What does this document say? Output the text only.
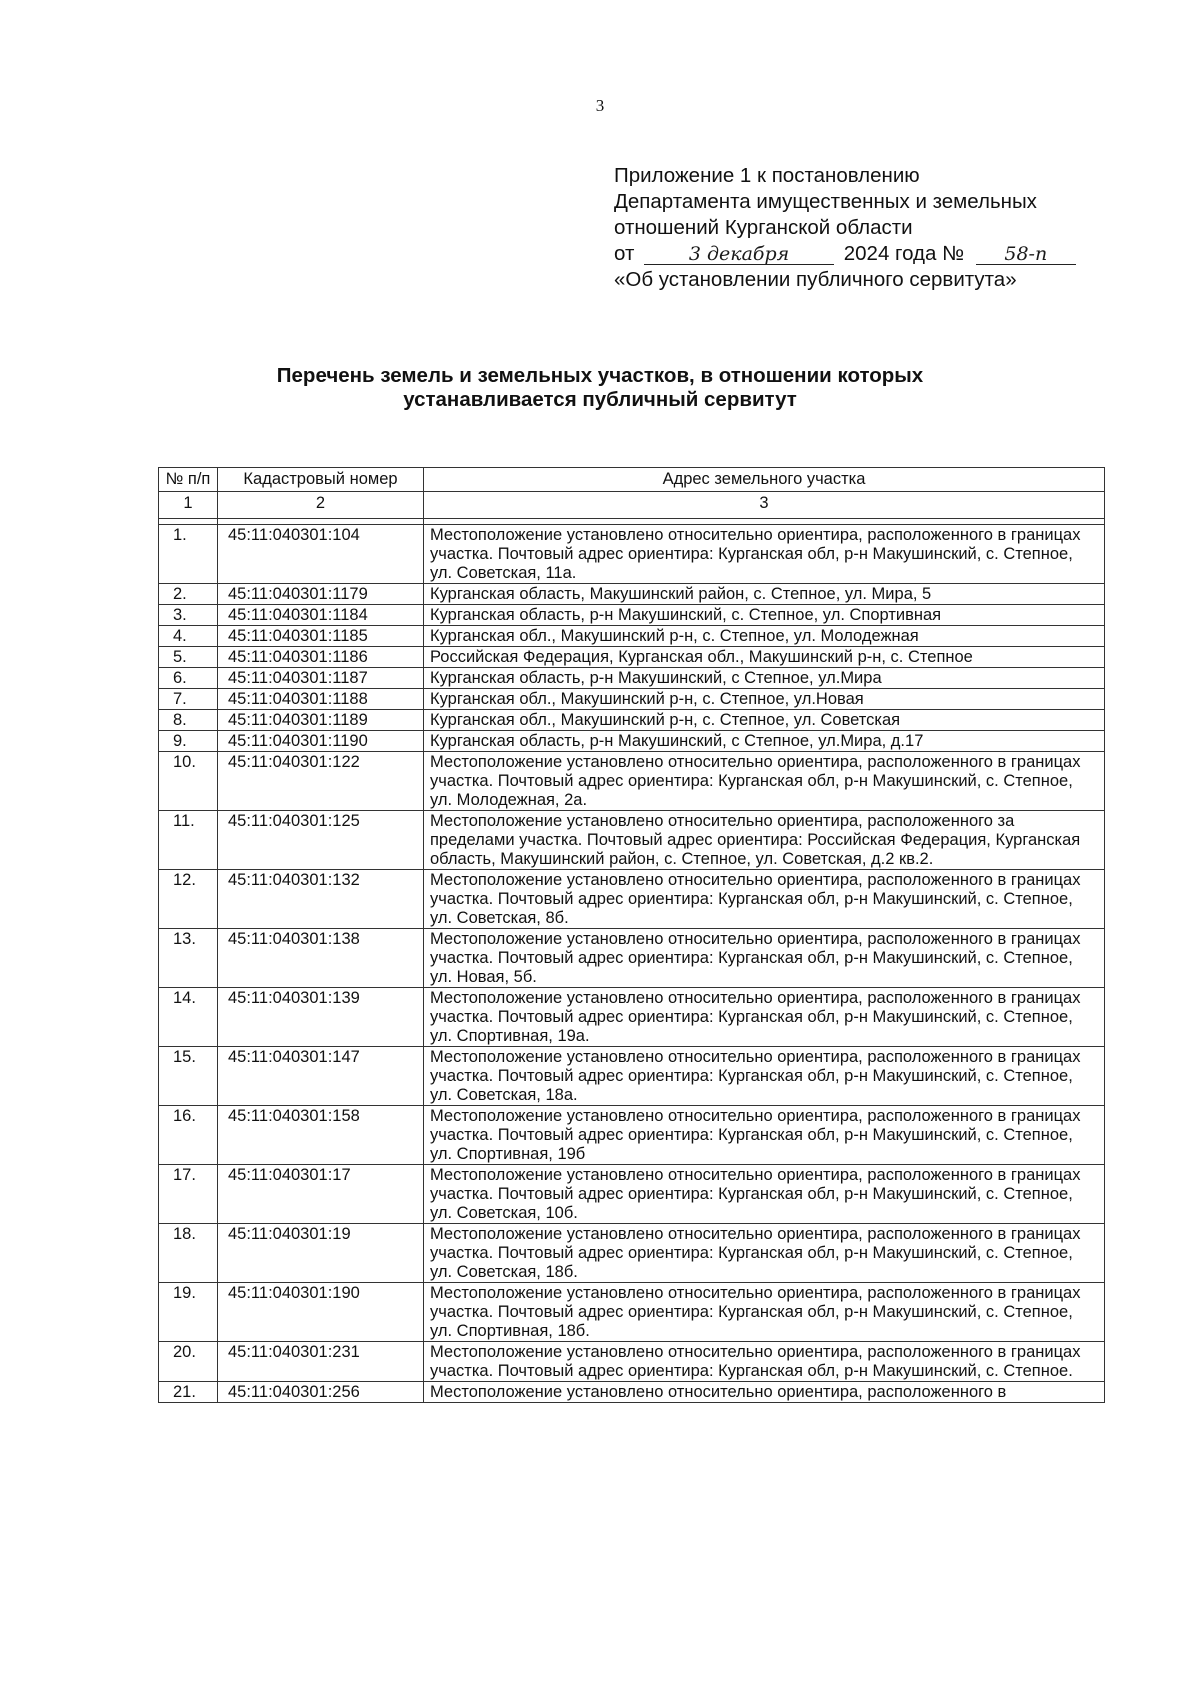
3
Приложение 1 к постановлению
Департамента имущественных и земельных
отношений Курганской области
от	3 декабря	2024 года № 58-п
«Об установлении публичного сервитута»
Перечень земель и земельных участков, в отношении которых
устанавливается публичный сервитут
№ п/п	Кадастровый номер	Адрес земельного участка
1	2	3

1.	45:11:040301:104	Местоположение установлено относительно ориентира, расположенного в границах участка. Почтовый адрес ориентира: Курганская обл, р-н Макушинский, с. Степное, ул. Советская, 11а.
2.	45:11:040301:1179	Курганская область, Макушинский район, с. Степное, ул. Мира, 5
3.	45:11:040301:1184	Курганская область, р-н Макушинский, с. Степное, ул. Спортивная
4.	45:11:040301:1185	Курганская обл., Макушинский р-н, с. Степное, ул. Молодежная
5.	45:11:040301:1186	Российская Федерация, Курганская обл., Макушинский р-н, с. Степное
6.	45:11:040301:1187	Курганская область, р-н Макушинский, с Степное, ул.Мира
7.	45:11:040301:1188	Курганская обл., Макушинский р-н, с. Степное, ул.Новая
8.	45:11:040301:1189	Курганская обл., Макушинский р-н, с. Степное, ул. Советская
9.	45:11:040301:1190	Курганская область, р-н Макушинский, с Степное, ул.Мира, д.17
10.	45:11:040301:122	Местоположение установлено относительно ориентира, расположенного в границах участка. Почтовый адрес ориентира: Курганская обл, р-н Макушинский, с. Степное, ул. Молодежная, 2а.
11.	45:11:040301:125	Местоположение установлено относительно ориентира, расположенного за пределами участка. Почтовый адрес ориентира: Российская Федерация, Курганская область, Макушинский район, с. Степное, ул. Советская, д.2 кв.2.
12.	45:11:040301:132	Местоположение установлено относительно ориентира, расположенного в границах участка. Почтовый адрес ориентира: Курганская обл, р-н Макушинский, с. Степное, ул. Советская, 8б.
13.	45:11:040301:138	Местоположение установлено относительно ориентира, расположенного в границах участка. Почтовый адрес ориентира: Курганская обл, р-н Макушинский, с. Степное, ул. Новая, 5б.
14.	45:11:040301:139	Местоположение установлено относительно ориентира, расположенного в границах участка. Почтовый адрес ориентира: Курганская обл, р-н Макушинский, с. Степное, ул. Спортивная, 19а.
15.	45:11:040301:147	Местоположение установлено относительно ориентира, расположенного в границах участка. Почтовый адрес ориентира: Курганская обл, р-н Макушинский, с. Степное, ул. Советская, 18а.
16.	45:11:040301:158	Местоположение установлено относительно ориентира, расположенного в границах участка. Почтовый адрес ориентира: Курганская обл, р-н Макушинский, с. Степное, ул. Спортивная, 19б
17.	45:11:040301:17	Местоположение установлено относительно ориентира, расположенного в границах участка. Почтовый адрес ориентира: Курганская обл, р-н Макушинский, с. Степное, ул. Советская, 10б.
18.	45:11:040301:19	Местоположение установлено относительно ориентира, расположенного в границах участка. Почтовый адрес ориентира: Курганская обл, р-н Макушинский, с. Степное, ул. Советская, 18б.
19.	45:11:040301:190	Местоположение установлено относительно ориентира, расположенного в границах участка. Почтовый адрес ориентира: Курганская обл, р-н Макушинский, с. Степное, ул. Спортивная, 18б.
20.	45:11:040301:231	Местоположение установлено относительно ориентира, расположенного в границах участка. Почтовый адрес ориентира: Курганская обл, р-н Макушинский, с. Степное.
21.	45:11:040301:256	Местоположение установлено относительно ориентира, расположенного в
